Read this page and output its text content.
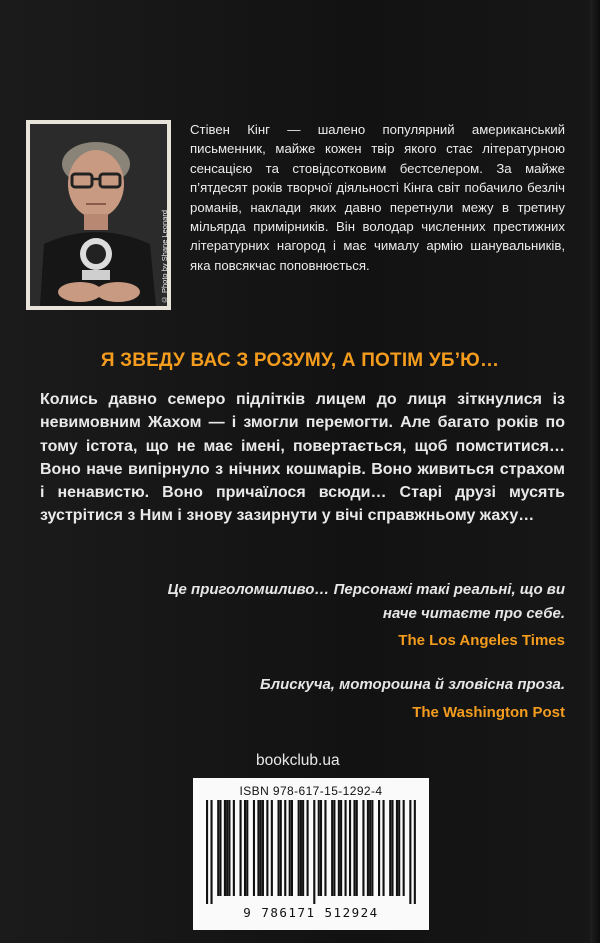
© Photo by Shane Leonard

Стівен Кінг — шалено популярний американський письменник, майже кожен твір якого стає літературною сенсацією та стовідсотковим бестселером. За майже п’ятдесят років творчої діяльності Кінга світ побачило безліч романів, наклади яких давно перетнули межу в третину мільярда примірників. Він володар численних престижних літературних нагород і має чималу армію шанувальників, яка повсякчас поповнюється.

Я ЗВЕДУ ВАС З РОЗУМУ, А ПОТІМ УБ’Ю…

Колись давно семеро підлітків лицем до лиця зіткнулися із невимовним Жахом — і змогли перемогти. Але багато років по тому істота, що не має імені, повертається, щоб помститися… Воно наче випірнуло з нічних кошмарів. Воно живиться страхом і ненавистю. Воно причаїлося всюди… Старі друзі мусять зустрітися з Ним і знову зазирнути у вічі справжньому жаху…

Це приголомшливо… Персонажі такі реальні, що ви наче читаєте про себе.

The Los Angeles Times

Блискуча, моторошна й зловісна проза.

The Washington Post

bookclub.ua

ISBN 978-617-15-1292-4

9 786171 512924
